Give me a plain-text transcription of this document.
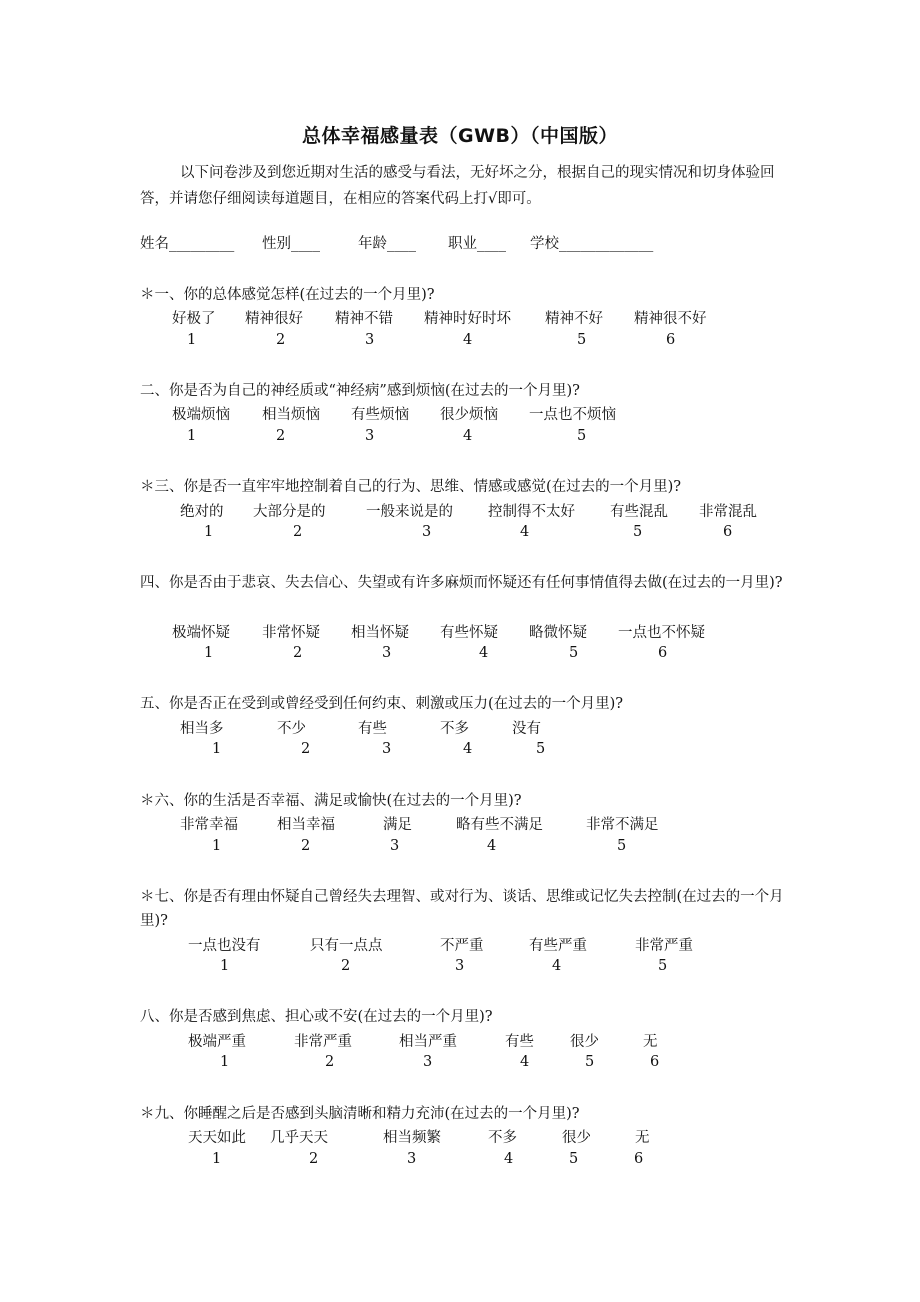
总体幸福感量表（GWB）（中国版）
以下问卷涉及到您近期对生活的感受与看法，无好坏之分，根据自己的现实情况和切身体验回答，并请您仔细阅读每道题目，在相应的答案代码上打√即可。
姓名_________ 性别____	年龄____ 职业____ 学校_____________
＊一、你的总体感觉怎样(在过去的一个月里)?
好极了 精神很好 精神不错 精神时好时坏 精神不好 精神很不好
1	2	3	4	5	6
二、你是否为自己的神经质或“神经病”感到烦恼(在过去的一个月里)?
极端烦恼 相当烦恼 有些烦恼 很少烦恼 一点也不烦恼
1	2	3	4	5
＊三、你是否一直牢牢地控制着自己的行为、思维、情感或感觉(在过去的一个月里)?
绝对的 大部分是的	一般来说是的 控制得不太好 有些混乱 非常混乱
1	2	3	4	5	6
四、你是否由于悲哀、失去信心、失望或有许多麻烦而怀疑还有任何事情值得去做(在过去的一月里)?
极端怀疑 非常怀疑 相当怀疑 有些怀疑 略微怀疑 一点也不怀疑
1	2	3	4	5	6
五、你是否正在受到或曾经受到任何约束、刺激或压力(在过去的一个月里)?
相当多	不少	有些	不多	没有
1	2	3	4	5
＊六、你的生活是否幸福、满足或愉快(在过去的一个月里)?
非常幸福	相当幸福	满足	略有些不满足	非常不满足
1	2	3	4	5
＊七、你是否有理由怀疑自己曾经失去理智、或对行为、谈话、思维或记忆失去控制(在过去的一个月里)?
一点也没有	只有一点点	不严重	有些严重	非常严重
1	2	3	4	5
八、你是否感到焦虑、担心或不安(在过去的一个月里)?
极端严重	非常严重	相当严重	有些 很少	无
1	2	3	4	5	6
＊九、你睡醒之后是否感到头脑清晰和精力充沛(在过去的一个月里)?
天天如此 几乎天天	相当频繁	不多	很少	无
1	2	3	4	5	6
